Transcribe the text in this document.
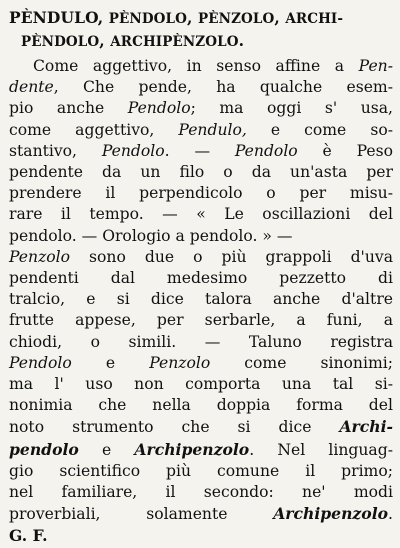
PÈNDULO, PÈNDOLO, PÈNZOLO, ARCHI-
PÈNDOLO, ARCHIPÈNZOLO.
Come aggettivo, in senso affine a Pen-
dente, Che pende, ha qualche esem-
pio anche Pendolo; ma oggi s' usa,
come aggettivo, Pendulo, e come so-
stantivo, Pendolo. — Pendolo è Peso
pendente da un filo o da un'asta per
prendere il perpendicolo o per misu-
rare il tempo. — « Le oscillazioni del
pendolo. — Orologio a pendolo. » —
Penzolo sono due o più grappoli d'uva
pendenti dal medesimo pezzetto di
tralcio, e si dice talora anche d'altre
frutte appese, per serbarle, a funi, a
chiodi, o simili. — Taluno registra
Pendolo e Penzolo come sinonimi;
ma l' uso non comporta una tal si-
nonimia che nella doppia forma del
noto strumento che si dice Archi-
pendolo e Archipenzolo. Nel linguag-
gio scientifico più comune il primo;
nel familiare, il secondo: ne' modi
proverbiali, solamente Archipenzolo.
G. F.
